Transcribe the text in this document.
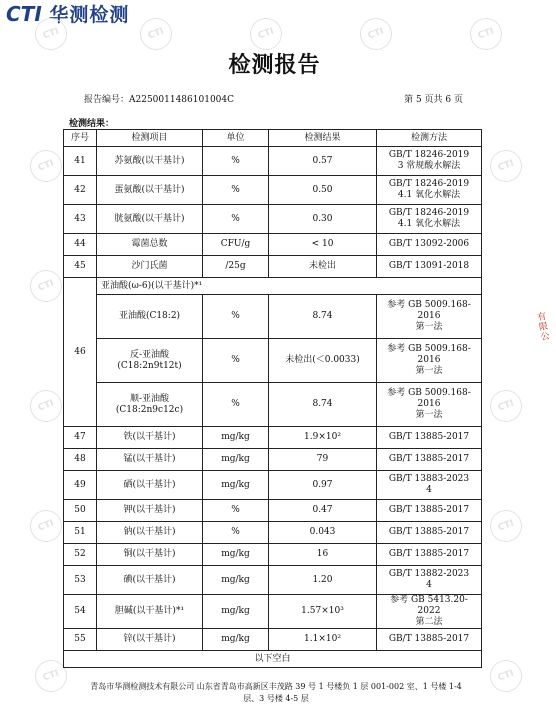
CTI 华测检测
CTI	CTI	CTI	CTI	CTI
CTI
CTI
CTI
CTI
CTI
CTI
CTI
CTI	CTI
检测报告
报告编号：A2250011486101004C	第 5 页共 6 页
检测结果：
序号	检测项目	单位	检测结果	检测方法
41	苏氨酸(以干基计)	%	0.57	GB/T 18246-2019
3 常规酸水解法
42	蛋氨酸(以干基计)	%	0.50	GB/T 18246-2019
4.1 氧化水解法
43	胱氨酸(以干基计)	%	0.30	GB/T 18246-2019
4.1 氧化水解法
44	霉菌总数	CFU/g	< 10	GB/T 13092-2006
45	沙门氏菌	/25g	未检出	GB/T 13091-2018
46	亚油酸(ω-6)(以干基计)*¹			
	亚油酸(C18:2)	%	8.74	参考 GB 5009.168-
2016
第一法
	反-亚油酸
(C18:2n9t12t)	%	未检出(＜0.0033)	参考 GB 5009.168-
2016
第一法
	顺-亚油酸
(C18:2n9c12c)	%	8.74	参考 GB 5009.168-
2016
第一法
47	铁(以干基计)	mg/kg	1.9×10²	GB/T 13885-2017
48	锰(以干基计)	mg/kg	79	GB/T 13885-2017
49	硒(以干基计)	mg/kg	0.97	GB/T 13883-2023
4
50	钾(以干基计)	%	0.47	GB/T 13885-2017
51	钠(以干基计)	%	0.043	GB/T 13885-2017
52	铜(以干基计)	mg/kg	16	GB/T 13885-2017
53	碘(以干基计)	mg/kg	1.20	GB/T 13882-2023
4
54	胆碱(以干基计)*¹	mg/kg	1.57×10³	参考 GB 5413.20-2022
第二法
55	锌(以干基计)	mg/kg	1.1×10²	GB/T 13885-2017
以下空白				
青岛市华测检测技术有限公司 山东省青岛市高新区丰茂路 39 号 1 号楼负 1 层 001-002 室、1 号楼 1-4 层、3 号楼 4-5 层
有限公
